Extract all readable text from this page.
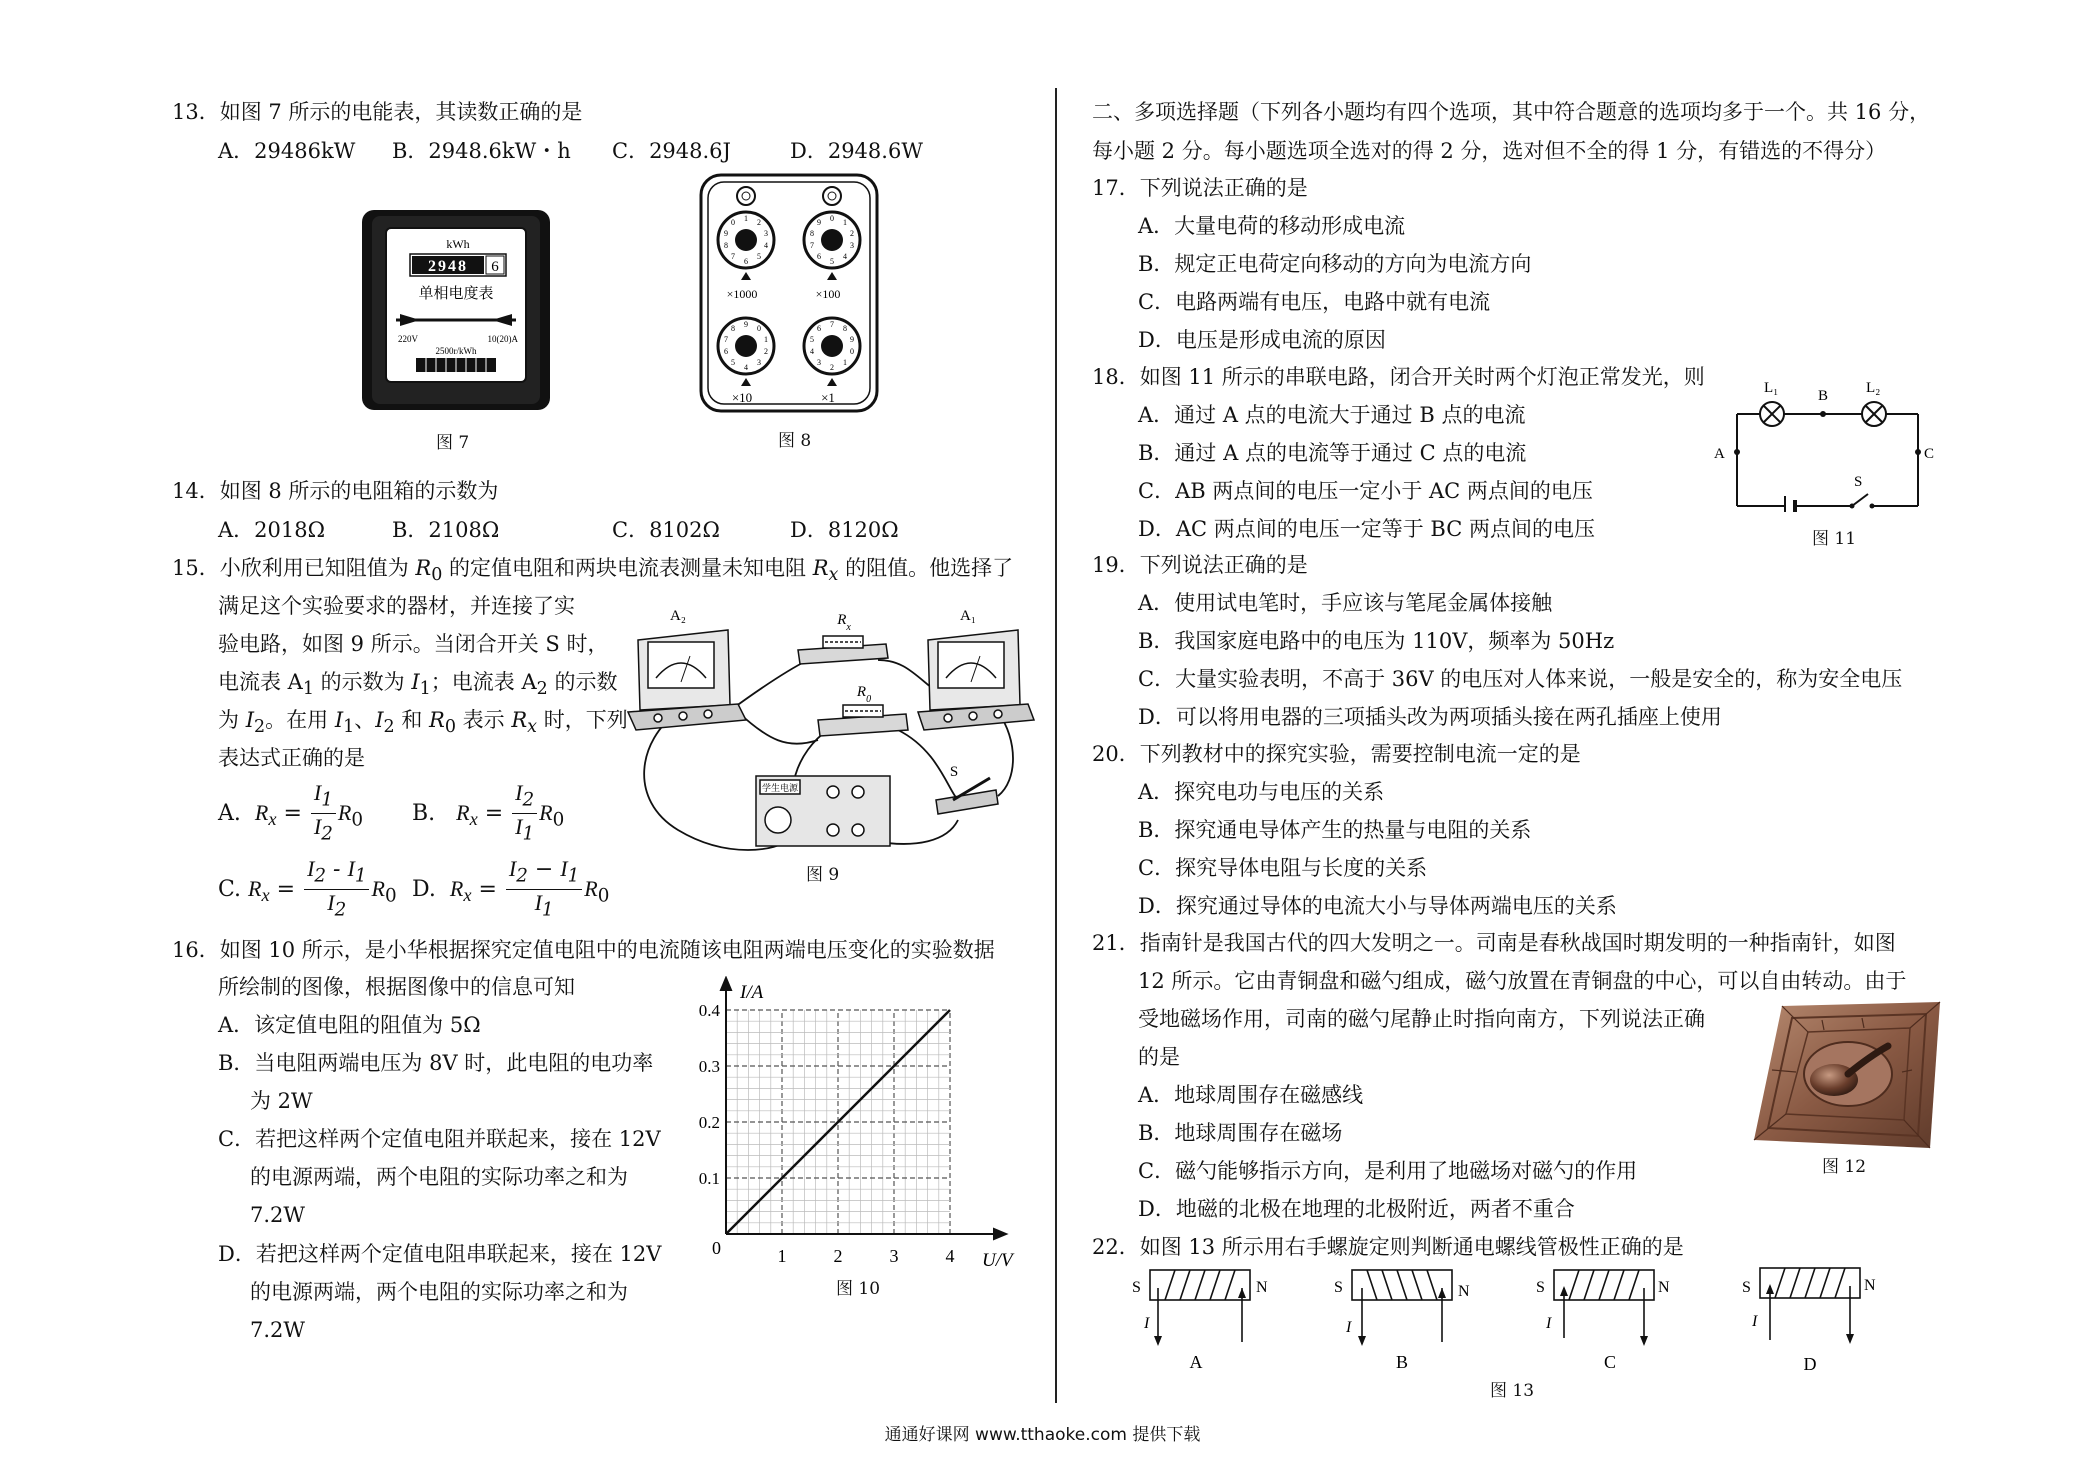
13．如图 7 所示的电能表，其读数正确的是
A．29486kW B．2948.6kW・h C．2948.6J	D．2948.6W
kWh
2948 6
单相电度表
220V	10(20)A
2500r/kWh
图 7
×1000	×100
×10	×1
1 2
3
4
5
6
7
8
9
0	0 1
2
3
4
5
6
7
8
9
9 0
1
2
3
4
5
6
7
8	7 8
9
0
1
2
3
4
5
6
图 8
14．如图 8 所示的电阻箱的示数为
A．2018Ω	B．2108Ω	C．8102Ω	D．8120Ω
15．小欣利用已知阻值为 $R_0$ 的定值电阻和两块电流表测量未知电阻 $R_x$ 的阻值。他选择了
满足这个实验要求的器材，并连接了实
验电路，如图 9 所示。当闭合开关 S 时，
电流表 $A_1$ 的示数为 $I_1$；电流表 $A_2$ 的示数
为 $I_2$。在用 $I_1$、$I_2$ 和 $R_0$ 表示 $R_x$ 时，下列
表达式正确的是
A. $R_x = \frac{I_1}{I_2} R_0$ B. $R_x = \frac{I_2}{I_1} R_0$
C. $R_x = \frac{I_2 - I_1}{I_2} R_0$ D. $R_x = \frac{I_2 - I_1}{I_1} R_0$
A₂	$R_x$
$R_0$
A₁
学生电源
S
图 9
16．如图 10 所示，是小华根据探究定值电阻中的电流随该电阻两端电压变化的实验数据
所绘制的图像，根据图像中的信息可知
A．该定值电阻的阻值为 5Ω
B．当电阻两端电压为 8V 时，此电阻的电功率
为 2W
C．若把这样两个定值电阻并联起来，接在 12V
的电源两端，两个电阻的实际功率之和为
7.2W
D．若把这样两个定值电阻串联起来，接在 12V
的电源两端，两个电阻的实际功率之和为
7.2W
1	2	3	4
0.1
0.2
0.3
0.4
I/A
U/V
0
图 10
二、多项选择题（下列各小题均有四个选项，其中符合题意的选项均多于一个。共 16 分，
每小题 2 分。每小题选项全选对的得 2 分，选对但不全的得 1 分，有错选的不得分）
17．下列说法正确的是
A．大量电荷的移动形成电流
B．规定正电荷定向移动的方向为电流方向
C．电路两端有电压，电路中就有电流
D．电压是形成电流的原因
18．如图 11 所示的串联电路，闭合开关时两个灯泡正常发光，则
A．通过 A 点的电流大于通过 B 点的电流
B．通过 A 点的电流等于通过 C 点的电流
C．AB 两点间的电压一定小于 AC 两点间的电压
D．AC 两点间的电压一定等于 BC 两点间的电压
L₁	L₂
A
B
C
S
图 11
19．下列说法正确的是
A．使用试电笔时，手应该与笔尾金属体接触
B．我国家庭电路中的电压为 110V，频率为 50Hz
C．大量实验表明，不高于 36V 的电压对人体来说，一般是安全的，称为安全电压
D．可以将用电器的三项插头改为两项插头接在两孔插座上使用
20．下列教材中的探究实验，需要控制电流一定的是
A．探究电功与电压的关系
B．探究通电导体产生的热量与电阻的关系
C．探究导体电阻与长度的关系
D．探究通过导体的电流大小与导体两端电压的关系
21．指南针是我国古代的四大发明之一。司南是春秋战国时期发明的一种指南针，如图
12 所示。它由青铜盘和磁勺组成，磁勺放置在青铜盘的中心，可以自由转动。由于
受地磁场作用，司南的磁勺尾静止时指向南方，下列说法正确
的是
A．地球周围存在磁感线
B．地球周围存在磁场
C．磁勺能够指示方向，是利用了地磁场对磁勺的作用
D．地磁的北极在地理的北极附近，两者不重合
图 12
22．如图 13 所示用右手螺旋定则判断通电螺线管极性正确的是
S	N
I
A
S	N
I
B
S	N
I
C
S	N
I
D
图 13
通通好课网 www.tthaoke.com 提供下载
